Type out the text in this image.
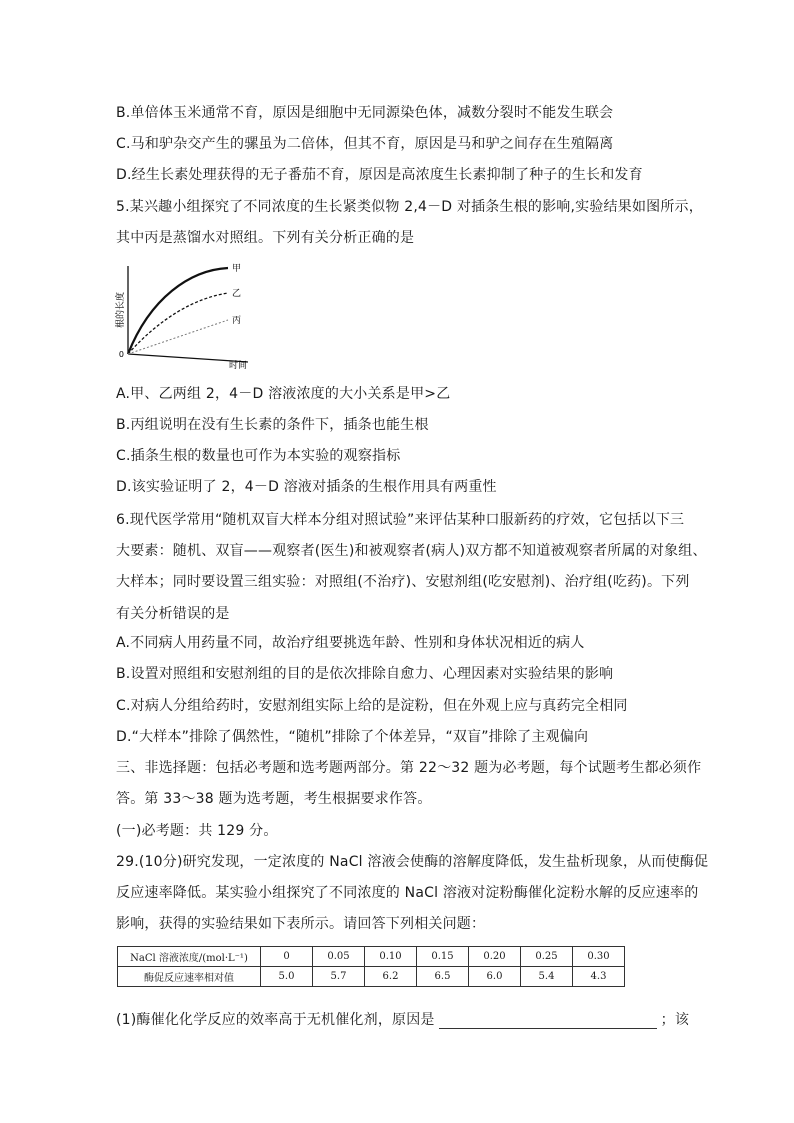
B.单倍体玉米通常不育，原因是细胞中无同源染色体，减数分裂时不能发生联会
C.马和驴杂交产生的骡虽为二倍体，但其不育，原因是马和驴之间存在生殖隔离
D.经生长素处理获得的无子番茄不育，原因是高浓度生长素抑制了种子的生长和发育
5.某兴趣小组探究了不同浓度的生长紧类似物 2,4－D 对插条生根的影响,实验结果如图所示，
其中丙是蒸馏水对照组。下列有关分析正确的是
根的长度
时间
0
甲
乙
丙
A.甲、乙两组 2，4－D 溶液浓度的大小关系是甲>乙
B.丙组说明在没有生长素的条件下，插条也能生根
C.插条生根的数量也可作为本实验的观察指标
D.该实验证明了 2，4－D 溶液对插条的生根作用具有两重性
6.现代医学常用“随机双盲大样本分组对照试验”来评估某种口服新药的疗效，它包括以下三
大要素：随机、双盲——观察者(医生)和被观察者(病人)双方都不知道被观察者所属的对象组、
大样本；同时要设置三组实验：对照组(不治疗)、安慰剂组(吃安慰剂)、治疗组(吃药)。下列
有关分析错误的是
A.不同病人用药量不同，故治疗组要挑选年龄、性别和身体状况相近的病人
B.设置对照组和安慰剂组的目的是依次排除自愈力、心理因素对实验结果的影响
C.对病人分组给药时，安慰剂组实际上给的是淀粉，但在外观上应与真药完全相同
D.“大样本”排除了偶然性，“随机”排除了个体差异，“双盲”排除了主观偏向
三、非选择题：包括必考题和选考题两部分。第 22～32 题为必考题，每个试题考生都必须作
答。第 33～38 题为选考题，考生根据要求作答。
(一)必考题：共 129 分。
29.(10分)研究发现，一定浓度的 NaCl 溶液会使酶的溶解度降低，发生盐析现象，从而使酶促
反应速率降低。某实验小组探究了不同浓度的 NaCl 溶液对淀粉酶催化淀粉水解的反应速率的
影响，获得的实验结果如下表所示。请回答下列相关问题：
NaCl 溶液浓度/(mol·L⁻¹)	0	0.05	0.10	0.15	0.20	0.25	0.30
酶促反应速率相对值	5.0	5.7	6.2	6.5	6.0	5.4	4.3
(1)酶催化化学反应的效率高于无机催化剂，原因是	；该
